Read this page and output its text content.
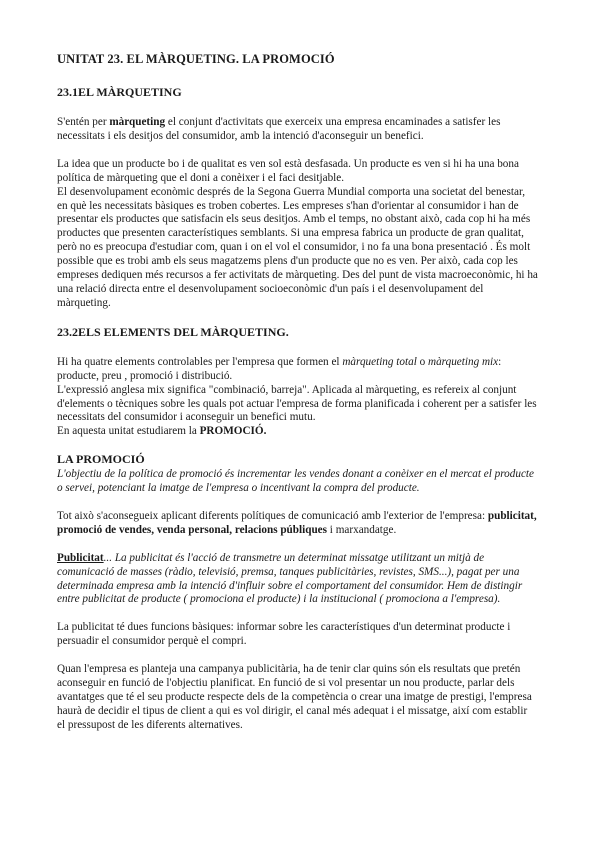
UNITAT 23. EL MÀRQUETING. LA PROMOCIÓ
23.1EL MÀRQUETING

S'entén per màrqueting el conjunt d'activitats que exerceix una empresa encaminades a satisfer les necessitats i els desitjos del consumidor, amb la intenció d'aconseguir un benefici.

La idea que un producte bo i de qualitat es ven sol està desfasada. Un producte es ven si hi ha una bona política de màrqueting que el doni a conèixer i el faci desitjable.

El desenvolupament econòmic després de la Segona Guerra Mundial comporta una societat del benestar, en què les necessitats bàsiques es troben cobertes. Les empreses s'han d'orientar al consumidor i han de presentar els productes que satisfacin els seus desitjos. Amb el temps, no obstant això, cada cop hi ha més productes que presenten característiques semblants. Si una empresa fabrica un producte de gran qualitat, però no es preocupa d'estudiar com, quan i on el vol el consumidor, i no fa una bona presentació . És molt possible que es trobi amb els seus magatzems plens d'un producte que no es ven. Per això, cada cop les empreses dediquen més recursos a fer activitats de màrqueting. Des del punt de vista macroeconòmic, hi ha una relació directa entre el desenvolupament socioeconòmic d'un país i el desenvolupament del màrqueting.

23.2ELS ELEMENTS DEL MÀRQUETING.

Hi ha quatre elements controlables per l'empresa que formen el màrqueting total o màrqueting mix: producte, preu , promoció i distribució.

L'expressió anglesa mix significa "combinació, barreja". Aplicada al màrqueting, es refereix al conjunt d'elements o tècniques sobre les quals pot actuar l'empresa de forma planificada i coherent per a satisfer les necessitats del consumidor i aconseguir un benefici mutu.

En aquesta unitat estudiarem la PROMOCIÓ.

LA PROMOCIÓ

L'objectiu de la política de promoció és incrementar les vendes donant a conèixer en el mercat el producte o servei, potenciant la imatge de l'empresa o incentivant la compra del producte.

Tot això s'aconsegueix aplicant diferents polítiques de comunicació amb l'exterior de l'empresa: publicitat, promoció de vendes, venda personal, relacions públiques i marxandatge.

Publicitat... La publicitat és l'acció de transmetre un determinat missatge utilitzant un mitjà de comunicació de masses (ràdio, televisió, premsa, tanques publicitàries, revistes, SMS...), pagat per una determinada empresa amb la intenció d'influir sobre el comportament del consumidor. Hem de distingir entre publicitat de producte ( promociona el producte) i la institucional ( promociona a l'empresa).

La publicitat té dues funcions bàsiques: informar sobre les característiques d'un determinat producte i persuadir el consumidor perquè el compri.

Quan l'empresa es planteja una campanya publicitària, ha de tenir clar quins són els resultats que pretén aconseguir en funció de l'objectiu planificat. En funció de si vol presentar un nou producte, parlar dels avantatges que té el seu producte respecte dels de la competència o crear una imatge de prestigi, l'empresa haurà de decidir el tipus de client a qui es vol dirigir, el canal més adequat i el missatge, així com establir el pressupost de les diferents alternatives.
